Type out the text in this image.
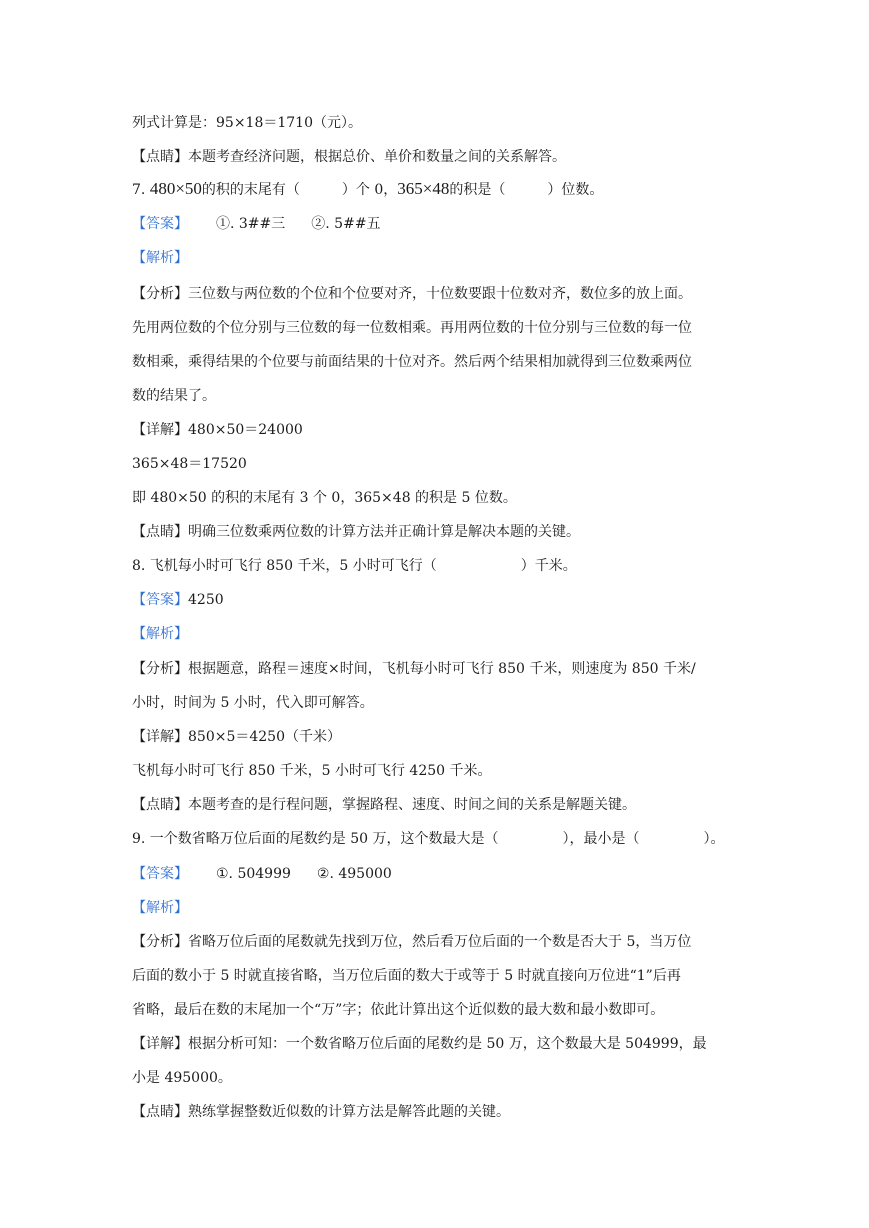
列式计算是：95×18＝1710（元）。
【点睛】本题考查经济问题，根据总价、单价和数量之间的关系解答。
7. 480×50的积的末尾有（	）个 0，365×48的积是（	）位数。
【答案】 ①. 3##三 ②. 5##五
【解析】
【分析】三位数与两位数的个位和个位要对齐，十位数要跟十位数对齐，数位多的放上面。
先用两位数的个位分别与三位数的每一位数相乘。再用两位数的十位分别与三位数的每一位
数相乘，乘得结果的个位要与前面结果的十位对齐。然后两个结果相加就得到三位数乘两位
数的结果了。
【详解】480×50＝24000
365×48＝17520
即 480×50 的积的末尾有 3 个 0，365×48 的积是 5 位数。
【点睛】明确三位数乘两位数的计算方法并正确计算是解决本题的关键。
8. 飞机每小时可飞行 850 千米，5 小时可飞行（	）千米。
【答案】4250
【解析】
【分析】根据题意，路程＝速度×时间，飞机每小时可飞行 850 千米，则速度为 850 千米/
小时，时间为 5 小时，代入即可解答。
【详解】850×5＝4250（千米）
飞机每小时可飞行 850 千米，5 小时可飞行 4250 千米。
【点睛】本题考查的是行程问题，掌握路程、速度、时间之间的关系是解题关键。
9. 一个数省略万位后面的尾数约是 50 万，这个数最大是（	），最小是（	）。
【答案】 ①. 504999 ②. 495000
【解析】
【分析】省略万位后面的尾数就先找到万位，然后看万位后面的一个数是否大于 5，当万位
后面的数小于 5 时就直接省略，当万位后面的数大于或等于 5 时就直接向万位进“1”后再
省略，最后在数的末尾加一个“万”字；依此计算出这个近似数的最大数和最小数即可。
【详解】根据分析可知：一个数省略万位后面的尾数约是 50 万，这个数最大是 504999，最
小是 495000。
【点睛】熟练掌握整数近似数的计算方法是解答此题的关键。
